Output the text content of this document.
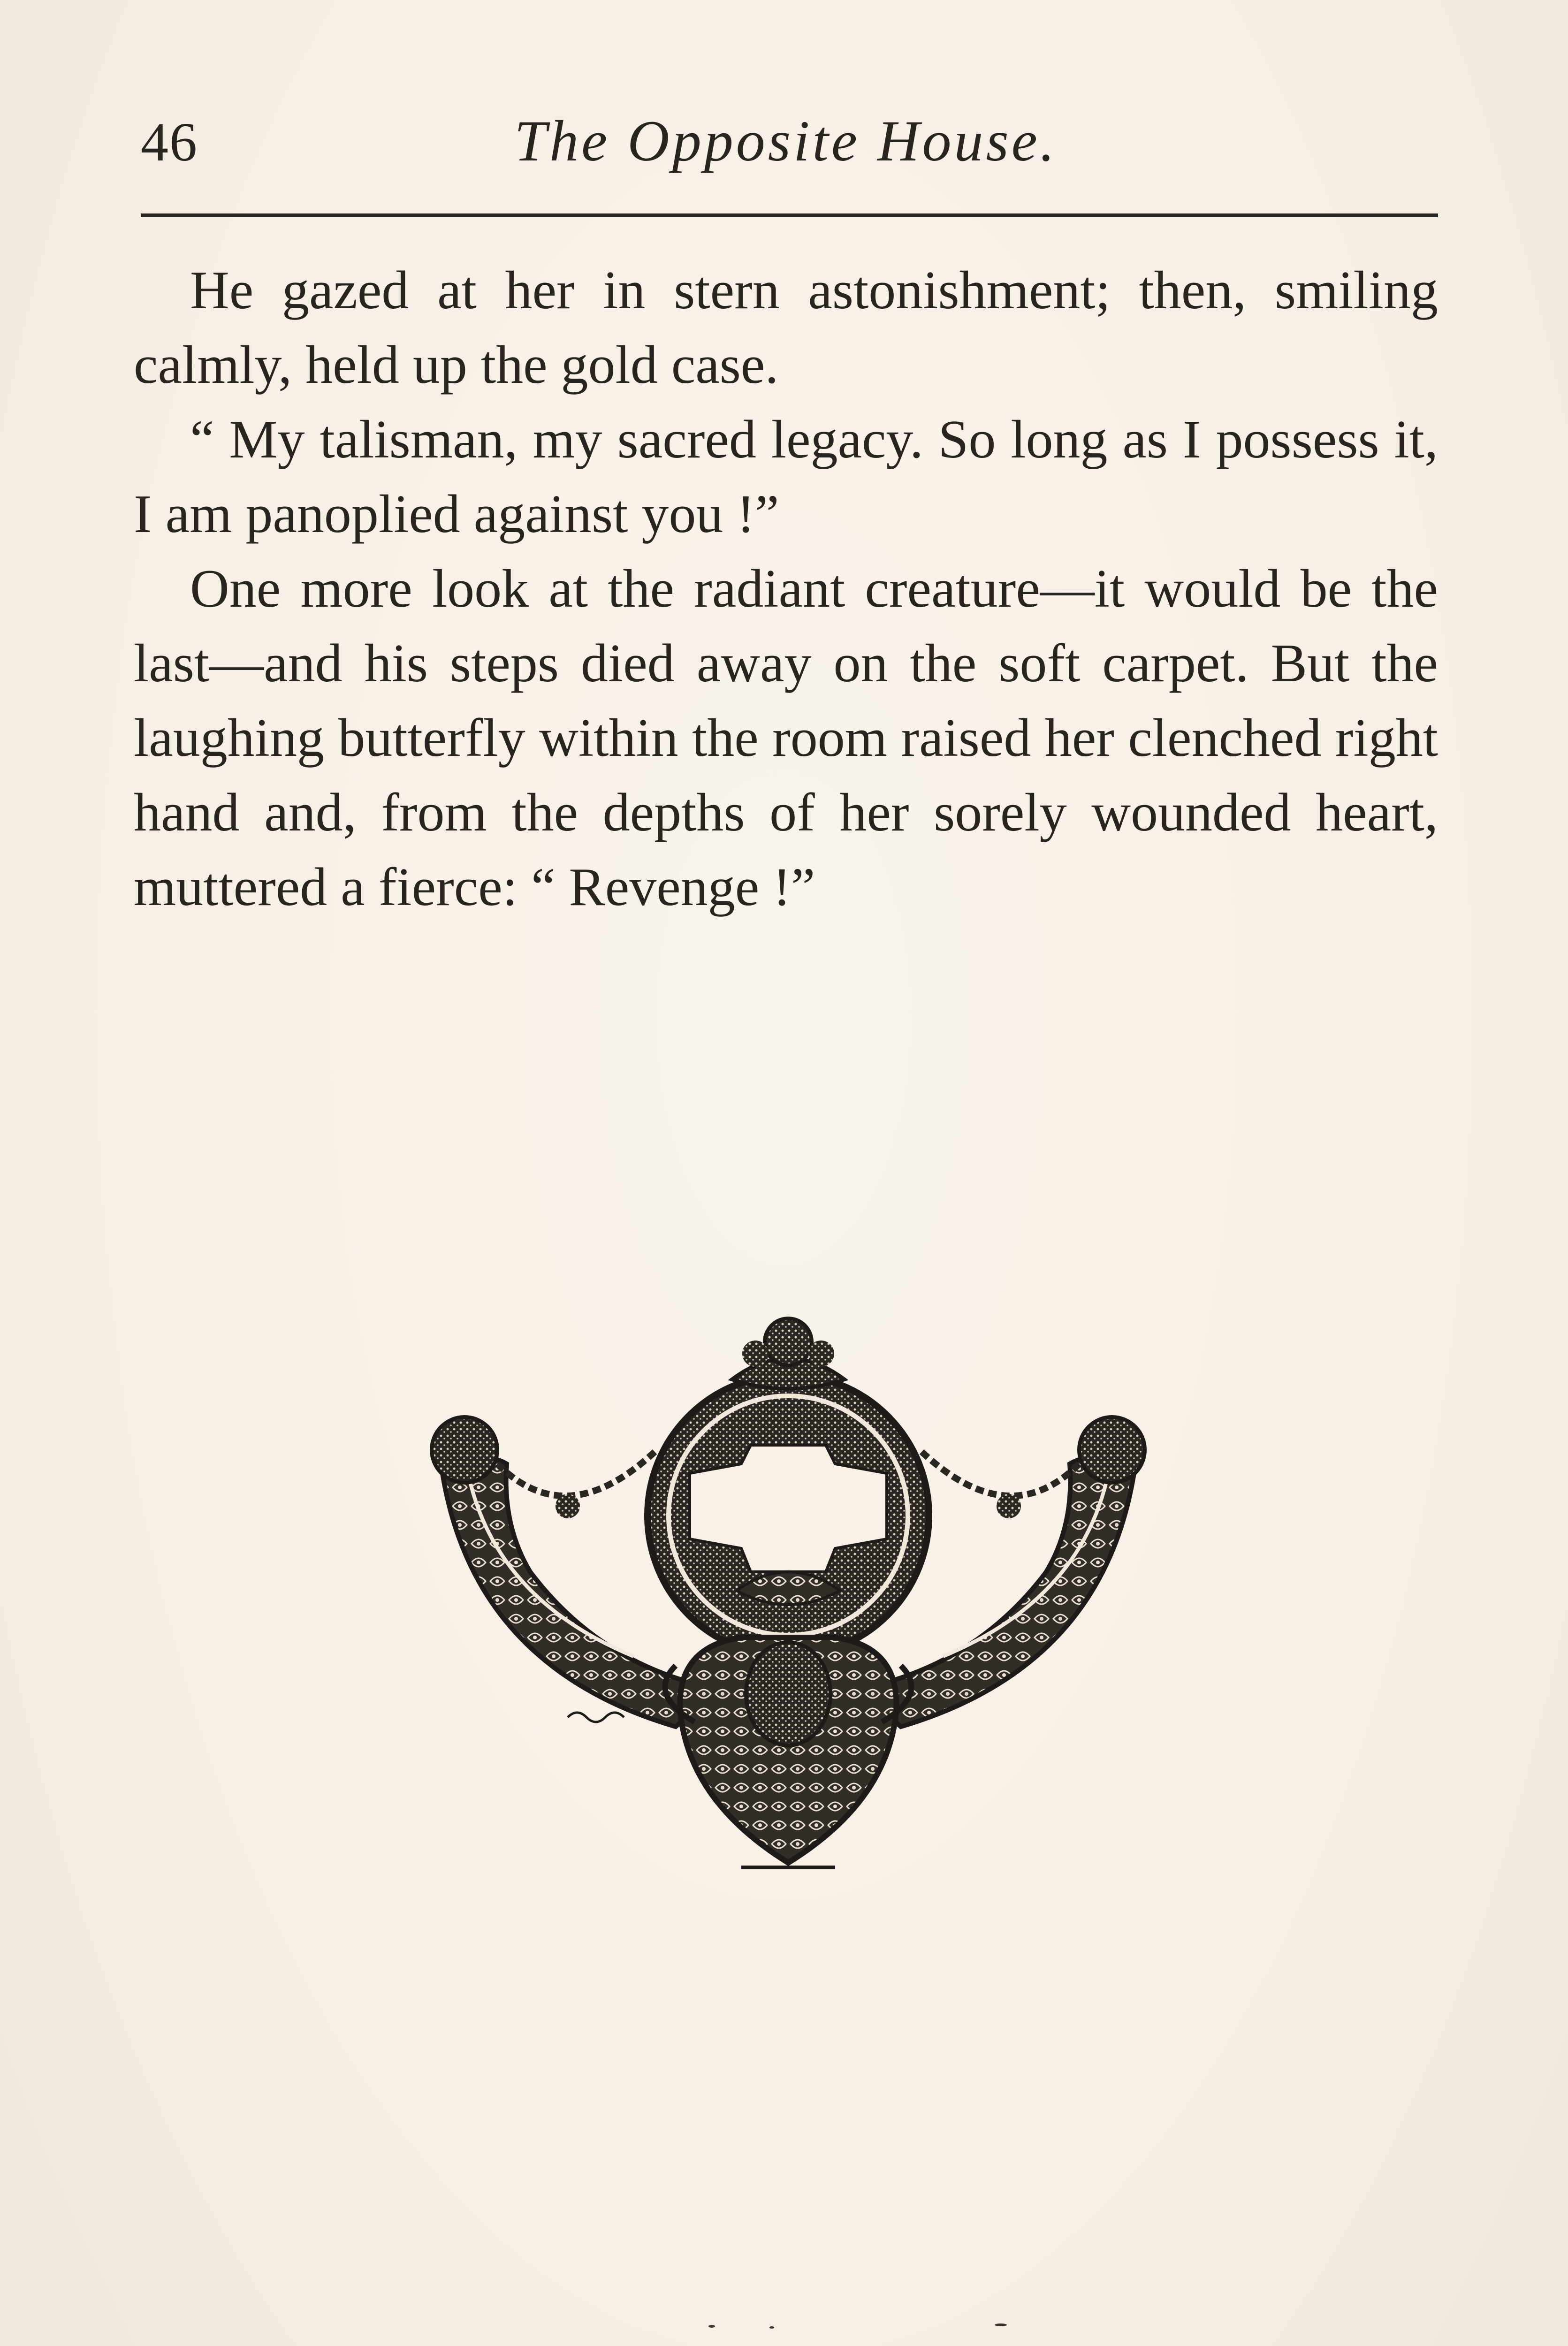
46	The Opposite House.

He gazed at her in stern astonishment; then, smiling calmly, held up the gold case.

“ My talisman, my sacred legacy. So long as I possess it, I am panoplied against you !”

One more look at the radiant creature—it would be the last—and his steps died away on the soft carpet. But the laughing butterfly within the room raised her clenched right hand and, from the depths of her sorely wounded heart, muttered a fierce: “ Revenge !”
